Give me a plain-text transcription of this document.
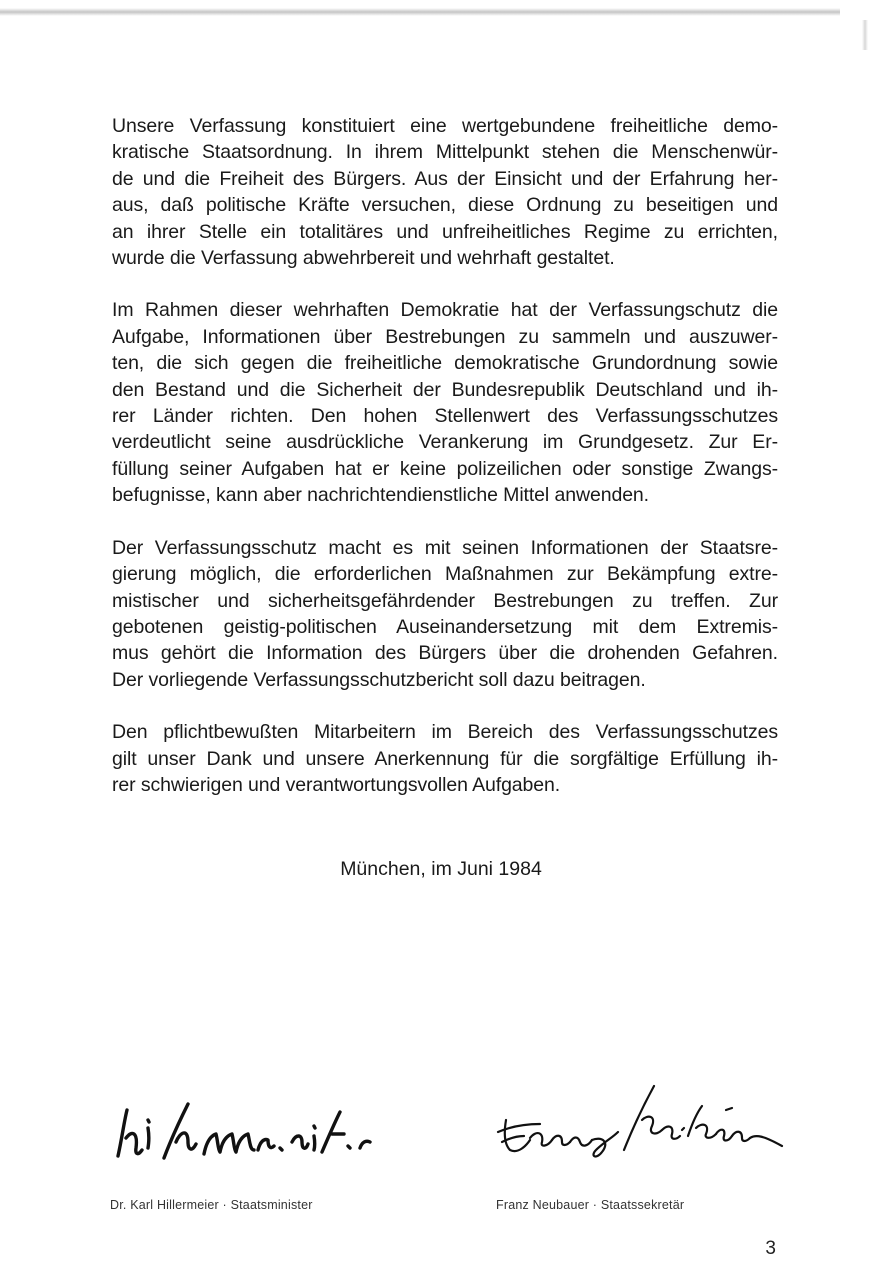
Unsere Verfassung konstituiert eine wertgebundene freiheitliche demo-
kratische Staatsordnung. In ihrem Mittelpunkt stehen die Menschenwür-
de und die Freiheit des Bürgers. Aus der Einsicht und der Erfahrung her-
aus, daß politische Kräfte versuchen, diese Ordnung zu beseitigen und
an ihrer Stelle ein totalitäres und unfreiheitliches Regime zu errichten,
wurde die Verfassung abwehrbereit und wehrhaft gestaltet.

Im Rahmen dieser wehrhaften Demokratie hat der Verfassungschutz die
Aufgabe, Informationen über Bestrebungen zu sammeln und auszuwer-
ten, die sich gegen die freiheitliche demokratische Grundordnung sowie
den Bestand und die Sicherheit der Bundesrepublik Deutschland und ih-
rer Länder richten. Den hohen Stellenwert des Verfassungsschutzes
verdeutlicht seine ausdrückliche Verankerung im Grundgesetz. Zur Er-
füllung seiner Aufgaben hat er keine polizeilichen oder sonstige Zwangs-
befugnisse, kann aber nachrichtendienstliche Mittel anwenden.

Der Verfassungsschutz macht es mit seinen Informationen der Staatsre-
gierung möglich, die erforderlichen Maßnahmen zur Bekämpfung extre-
mistischer und sicherheitsgefährdender Bestrebungen zu treffen. Zur
gebotenen geistig-politischen Auseinandersetzung mit dem Extremis-
mus gehört die Information des Bürgers über die drohenden Gefahren.
Der vorliegende Verfassungsschutzbericht soll dazu beitragen.

Den pflichtbewußten Mitarbeitern im Bereich des Verfassungsschutzes
gilt unser Dank und unsere Anerkennung für die sorgfältige Erfüllung ih-
rer schwierigen und verantwortungsvollen Aufgaben.

München, im Juni 1984
Dr. Karl Hillermeier · Staatsminister	Franz Neubauer · Staatssekretär
3
